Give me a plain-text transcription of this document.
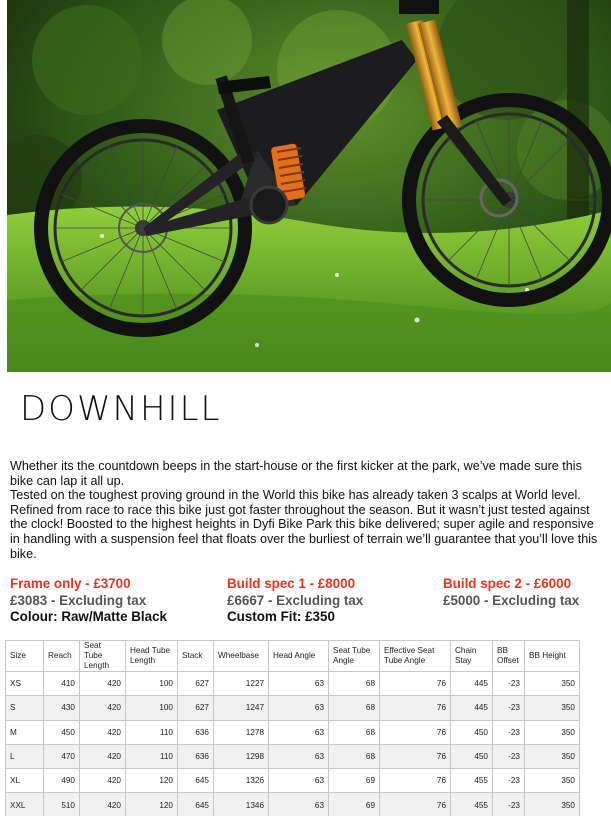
DOWNHILL

Whether its the countdown beeps in the start-house or the first kicker at the park, we’ve made sure this bike can lap it all up.

Tested on the toughest proving ground in the World this bike has already taken 3 scalps at World level. Refined from race to race this bike just got faster throughout the season. But it wasn’t just tested against the clock! Boosted to the highest heights in Dyfi Bike Park this bike delivered; super agile and responsive in handling with a suspension feel that floats over the burliest of terrain we’ll guarantee that you’ll love this bike.

Frame only - £3700
£3083 - Excluding tax
Colour: Raw/Matte Black
Build spec 1 - £8000
£6667 - Excluding tax
Custom Fit: £350
Build spec 2 - £6000
£5000 - Excluding tax
Size	Reach	Seat Tube Length	Head Tube Length	Stack	Wheelbase	Head Angle	Seat Tube Angle	Effective Seat Tube Angle	Chain Stay	BB Offset	BB Height
XS	410	420	100	627	1227	63	68	76	445	-23	350
S	430	420	100	627	1247	63	68	76	445	-23	350
M	450	420	110	636	1278	63	68	76	450	-23	350
L	470	420	110	636	1298	63	68	76	450	-23	350
XL	490	420	120	645	1326	63	69	76	455	-23	350
XXL	510	420	120	645	1346	63	69	76	455	-23	350
